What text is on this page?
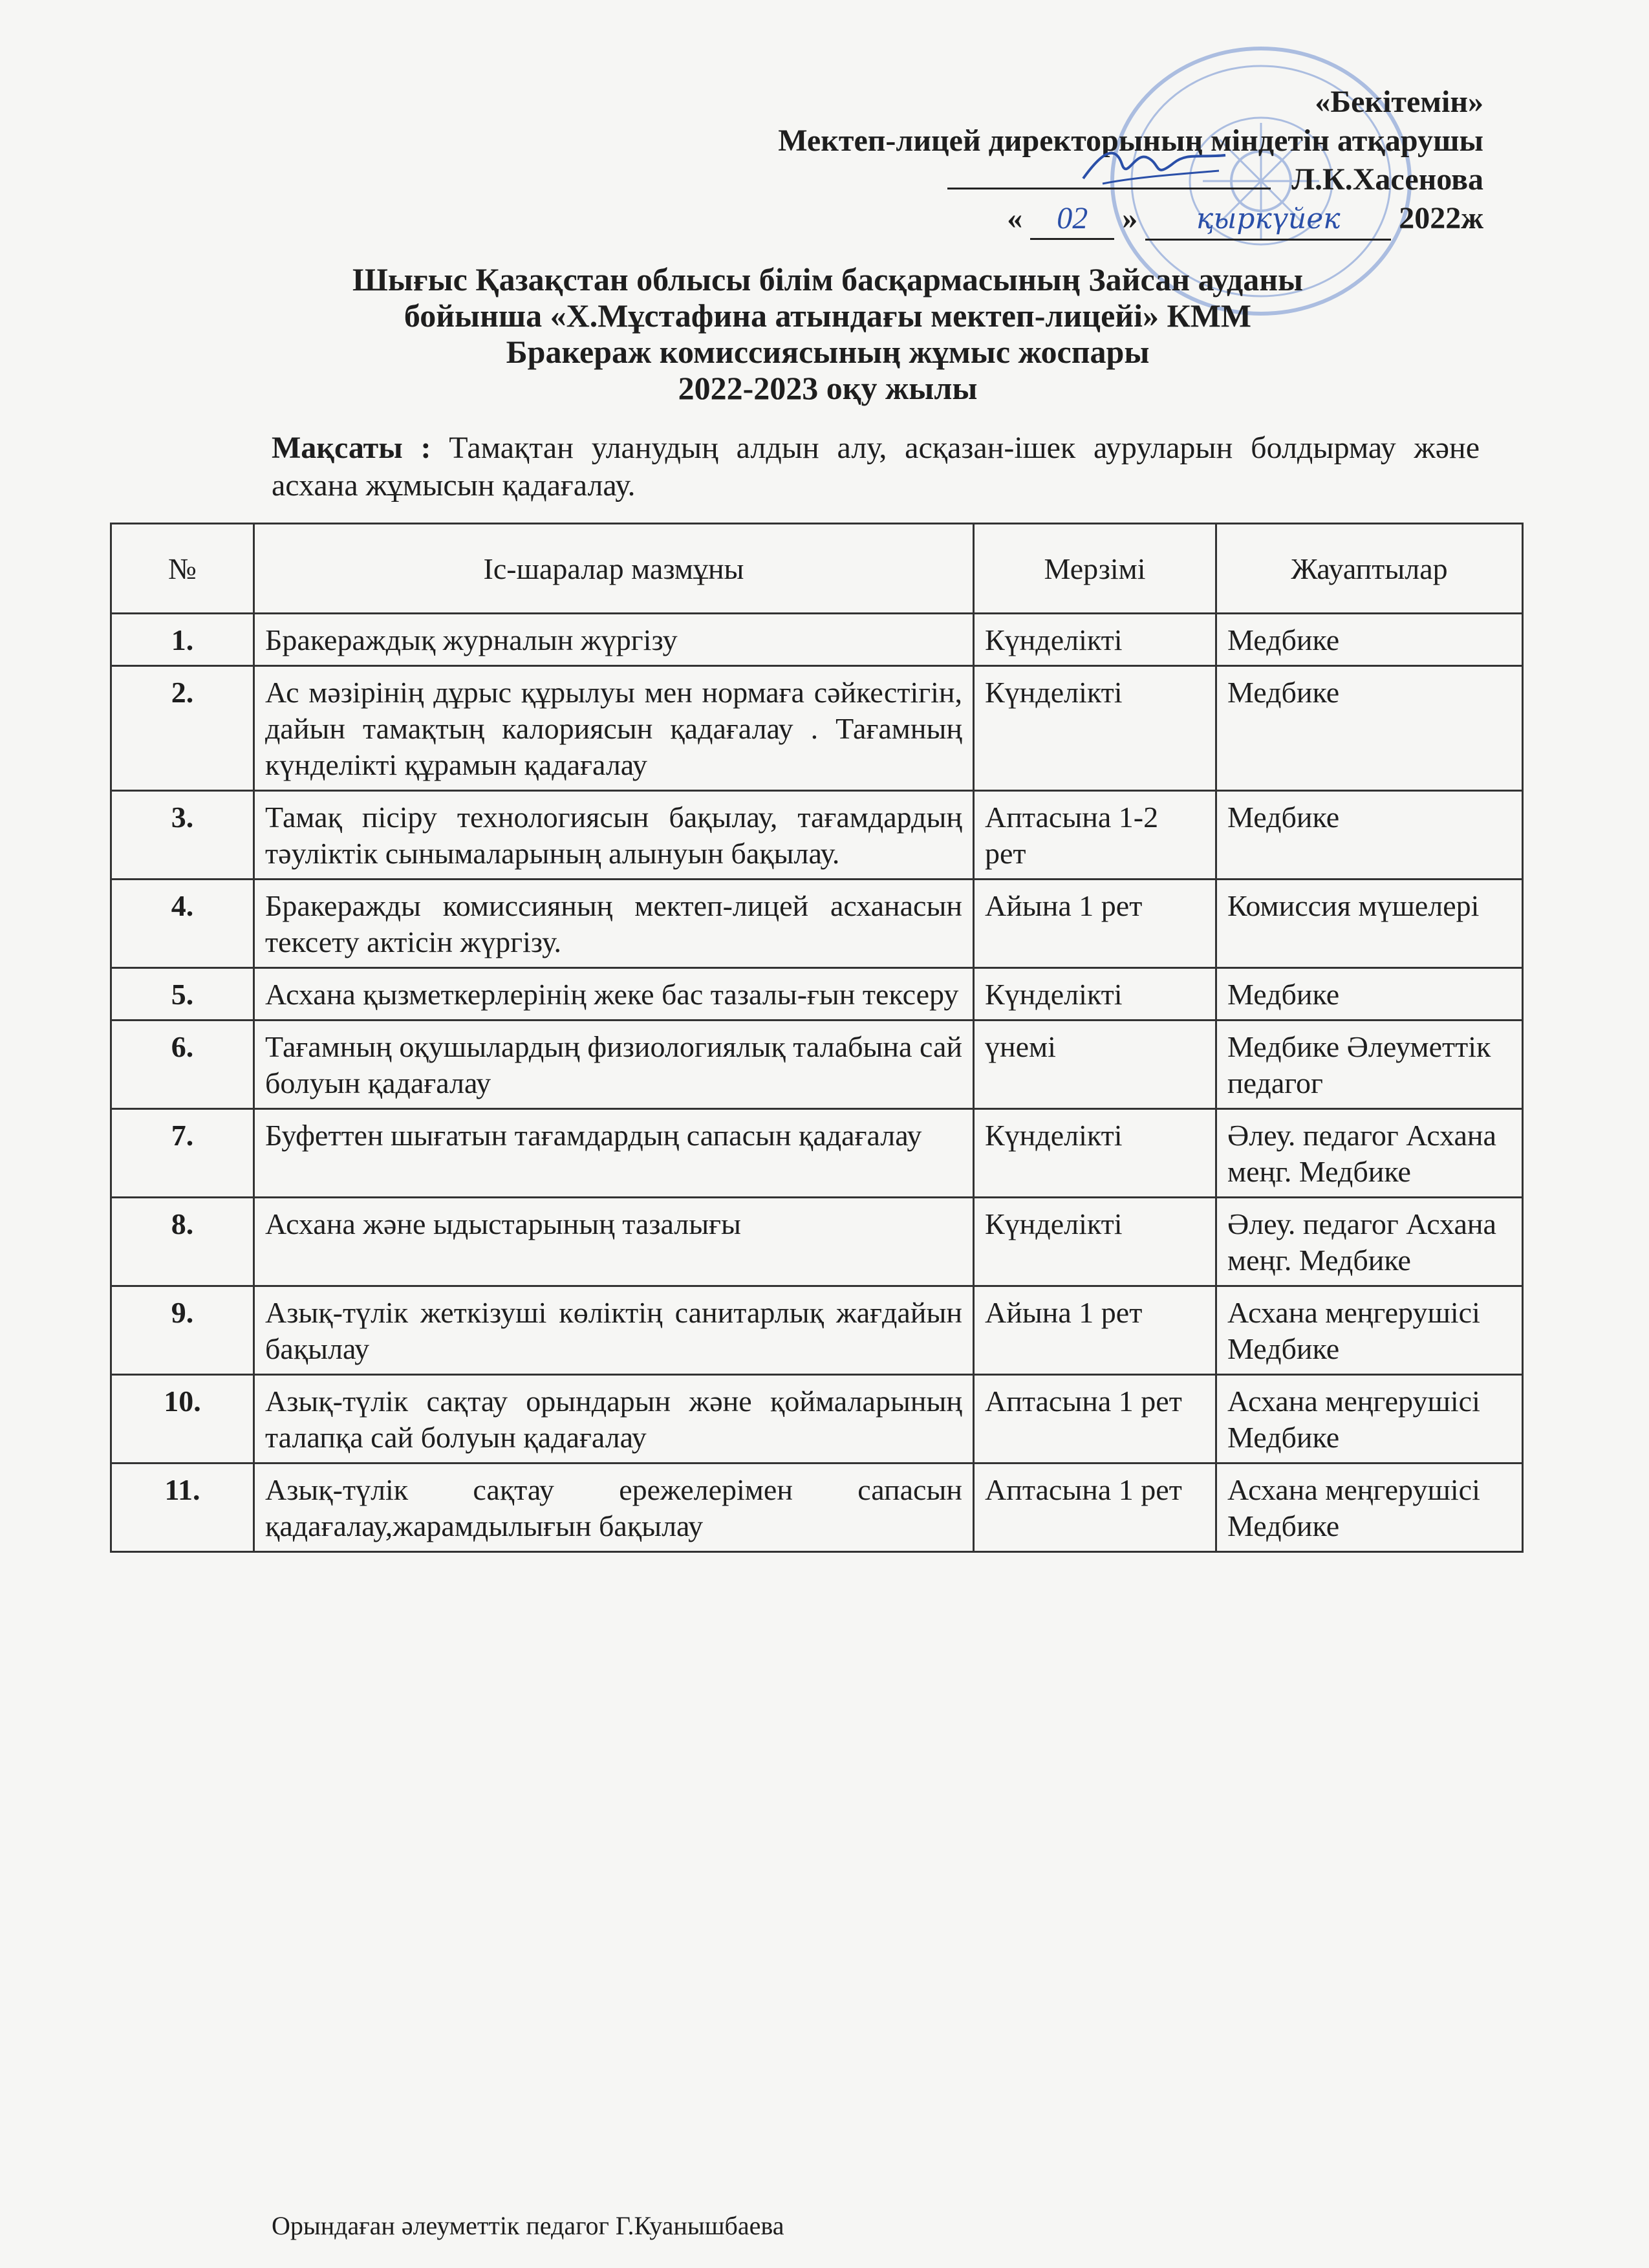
«Бекітемін»
Мектеп-лицей директорының міндетін атқарушы
Л.К.Хасенова
« 02 » қыркүйек 2022ж
Шығыс Қазақстан облысы білім басқармасының Зайсан ауданы
бойынша «Х.Мұстафина атындағы мектеп-лицейі» КММ
Бракераж комиссиясының жұмыс жоспары
2022-2023 оқу жылы
Мақсаты : Тамақтан уланудың алдын алу, асқазан-ішек ауруларын болдырмау және асхана жұмысын қадағалау.
№	Іс-шаралар мазмұны	Мерзімі	Жауаптылар
1.	Бракераждық журналын жүргізу	Күнделікті	Медбике
2.	Ас мәзірінің дұрыс құрылуы мен нормаға сәйкестігін, дайын тамақтың калориясын қадағалау . Тағамның күнделікті құрамын қадағалау	Күнделікті	Медбике
3.	Тамақ пісіру технологиясын бақылау, тағамдардың тәуліктік сынымаларының алынуын бақылау.	Аптасына 1-2 рет	Медбике
4.	Бракеражды комиссияның мектеп-лицей асханасын тексету актісін жүргізу.	Айына 1 рет	Комиссия мүшелері
5.	Асхана қызметкерлерінің жеке бас тазалы-ғын тексеру	Күнделікті	Медбике
6.	Тағамның оқушылардың физиологиялық талабына сай болуын қадағалау	үнемі	Медбике Әлеуметтік педагог
7.	Буфеттен шығатын тағамдардың сапасын қадағалау	Күнделікті	Әлеу. педагог Асхана меңг. Медбике
8.	Асхана және ыдыстарының тазалығы	Күнделікті	Әлеу. педагог Асхана меңг. Медбике
9.	Азық-түлік жеткізуші көліктің санитарлық жағдайын бақылау	Айына 1 рет	Асхана меңгерушісі Медбике
10.	Азық-түлік сақтау орындарын және қоймаларының талапқа сай болуын қадағалау	Аптасына 1 рет	Асхана меңгерушісі Медбике
11.	Азық-түлік сақтау ережелерімен сапасын қадағалау,жарамдылығын бақылау	Аптасына 1 рет	Асхана меңгерушісі Медбике
Орындаған әлеуметтік педагог Г.Куанышбаева
